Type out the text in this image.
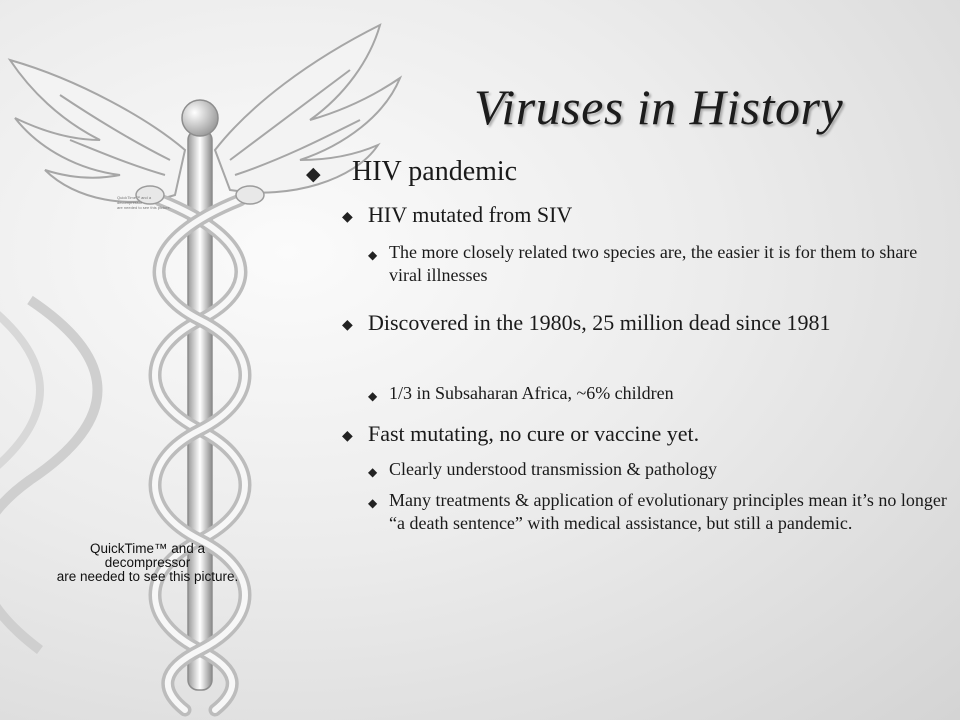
QuickTime™ and a
decompressor
are needed to see this picture.
QuickTime™ and a
decompressor
are needed to see this picture.
Viruses in History
◆ HIV pandemic
◆ HIV mutated from SIV
◆ The more closely related two species are, the easier it is for them to share viral illnesses
◆ Discovered in the 1980s, 25 million dead since 1981
◆ 1/3 in Subsaharan Africa, ~6% children
◆ Fast mutating, no cure or vaccine yet.
◆ Clearly understood transmission & pathology
◆ Many treatments & application of evolutionary principles mean it’s no longer “a death sentence” with medical assistance, but still a pandemic.
